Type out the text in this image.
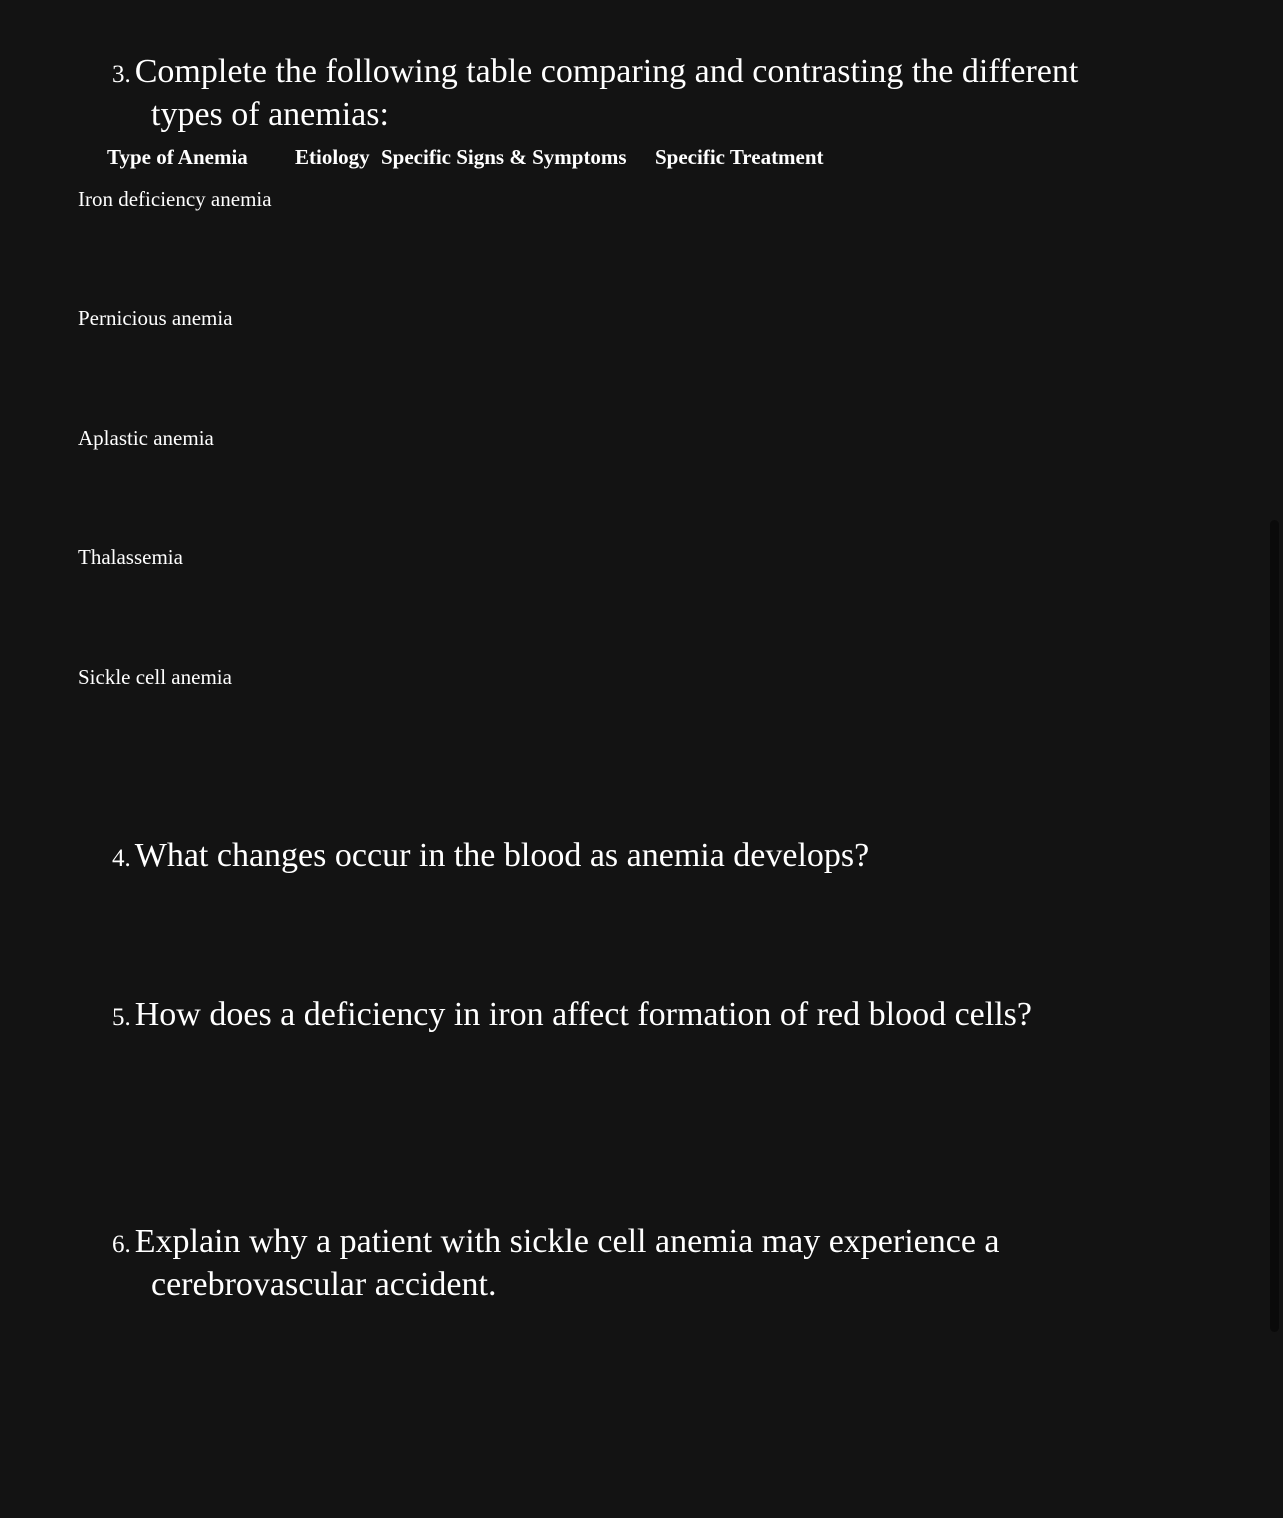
3. Complete the following table comparing and contrasting the different
types of anemias:
Type of Anemia Etiology Specific Signs & Symptoms Specific Treatment
Iron deficiency anemia
Pernicious anemia
Aplastic anemia
Thalassemia
Sickle cell anemia
4. What changes occur in the blood as anemia develops?
5. How does a deficiency in iron affect formation of red blood cells?
6. Explain why a patient with sickle cell anemia may experience a
cerebrovascular accident.
